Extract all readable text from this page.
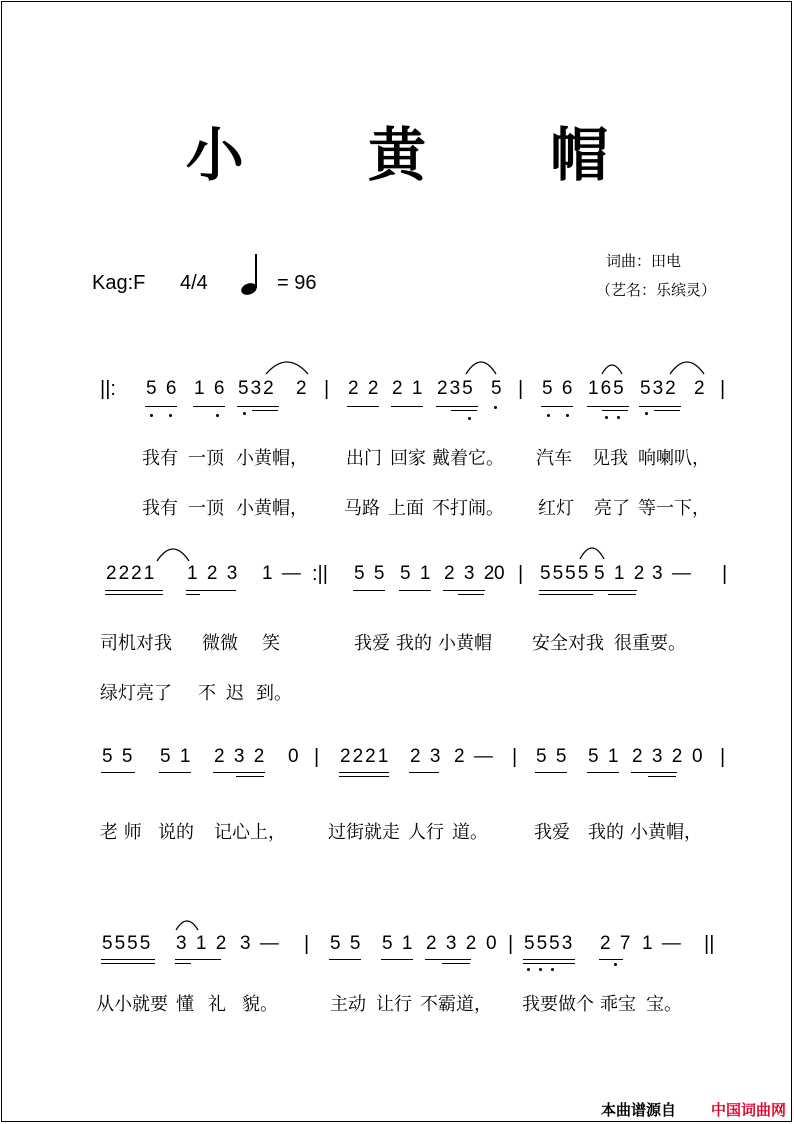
小 黄 帽
Kag:F 4/4	= 96
词曲：田电
（艺名：乐缤灵）
||: 5 6 1 6 532 2 | 2 2 2 1 235 5 | 5 6 165 532 2 |
我有 一顶 小黄帽， 出门 回家 戴着它。 汽车 见我 响喇叭，
我有 一顶 小黄帽， 马路 上面 不打闹。 红灯 亮了 等一下，
2221 1 2 3 1 — :|| 5 5 5 1 2 3 2
0 | 5555 5 1 2 3 — |
司机对我 微微 笑	我爱 我的 小黄帽 安全对我 很重要。
绿灯亮了 不 迟 到。
5 5 5 1 2 3 2 0 | 2221 2 3 2 — | 5 5 5 1 2 3 2 0 |
老 师 说的 记心上， 过街就走 人行 道。	我爱 我的 小黄帽，
5555 3 1 2 3 — | 5 5 5 1 2 3 2 0 | 5553 2 7 1 — ||
从小就要 懂 礼 貌。	主动 让行 不霸道， 我要做个 乖宝 宝。
本曲谱源自 中国词曲网
